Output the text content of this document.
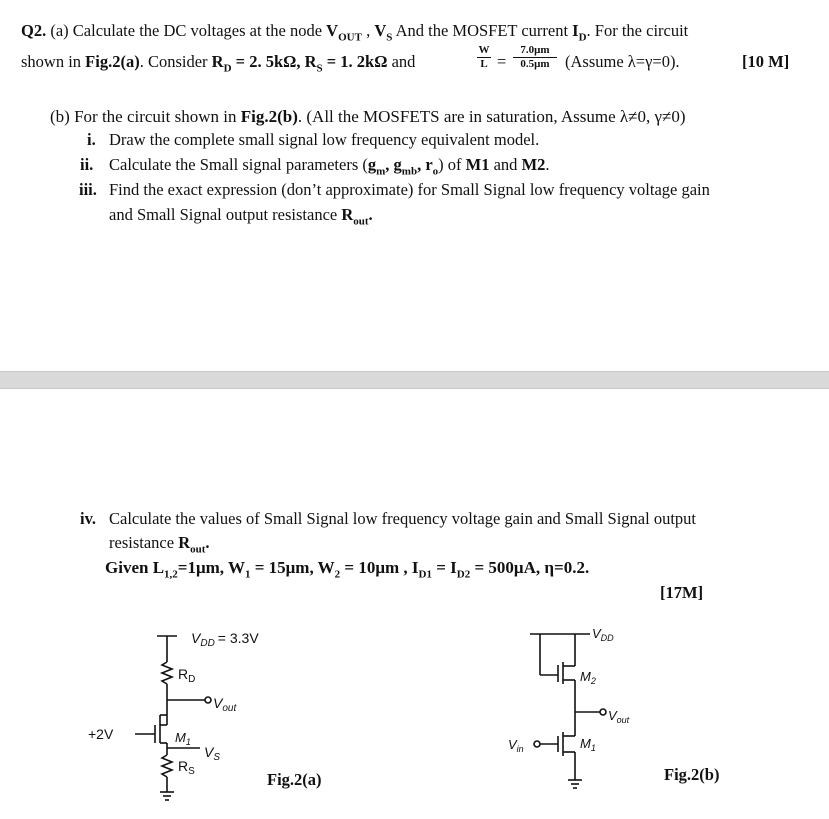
Q2. (a) Calculate the DC voltages at the node $V_{OUT}$ , $V_S$ And the MOSFET current $I_D$. For the circuit
shown in Fig.2(a). Consider $R_D = 2$. 5kΩ, $R_S = 1$. 2kΩ and
W
L =
7.0μm
0.5μm (Assume λ=γ=0).	[10 M]
(b) For the circuit shown in Fig.2(b). (All the MOSFETS are in saturation, Assume λ≠0, γ≠0)
i. Draw the complete small signal low frequency equivalent model.
ii. Calculate the Small signal parameters ($g_m$, $g_{mb}$, $r_o$) of M1 and M2.
iii. Find the exact expression (don’t approximate) for Small Signal low frequency voltage gain
and Small Signal output resistance $R_{out}$.
iv. Calculate the values of Small Signal low frequency voltage gain and Small Signal output
resistance $R_{out}$.
Given $L_{1,2}=1\mu m$, $W_1 = 15\mu m$, $W_2 = 10\mu m$ , $I_{D1} = I_{D2} = 500\mu A$, η=0.2.
[17M]
$V_{DD} = 3.3V$
$R_D$
$V_{out}$
+2V	$M_1$
$V_S$
$R_S$	Fig.2(a)
$V_{DD}$
$M_2$
$V_{out}$
$V_{in}$	$M_1$
Fig.2(b)
